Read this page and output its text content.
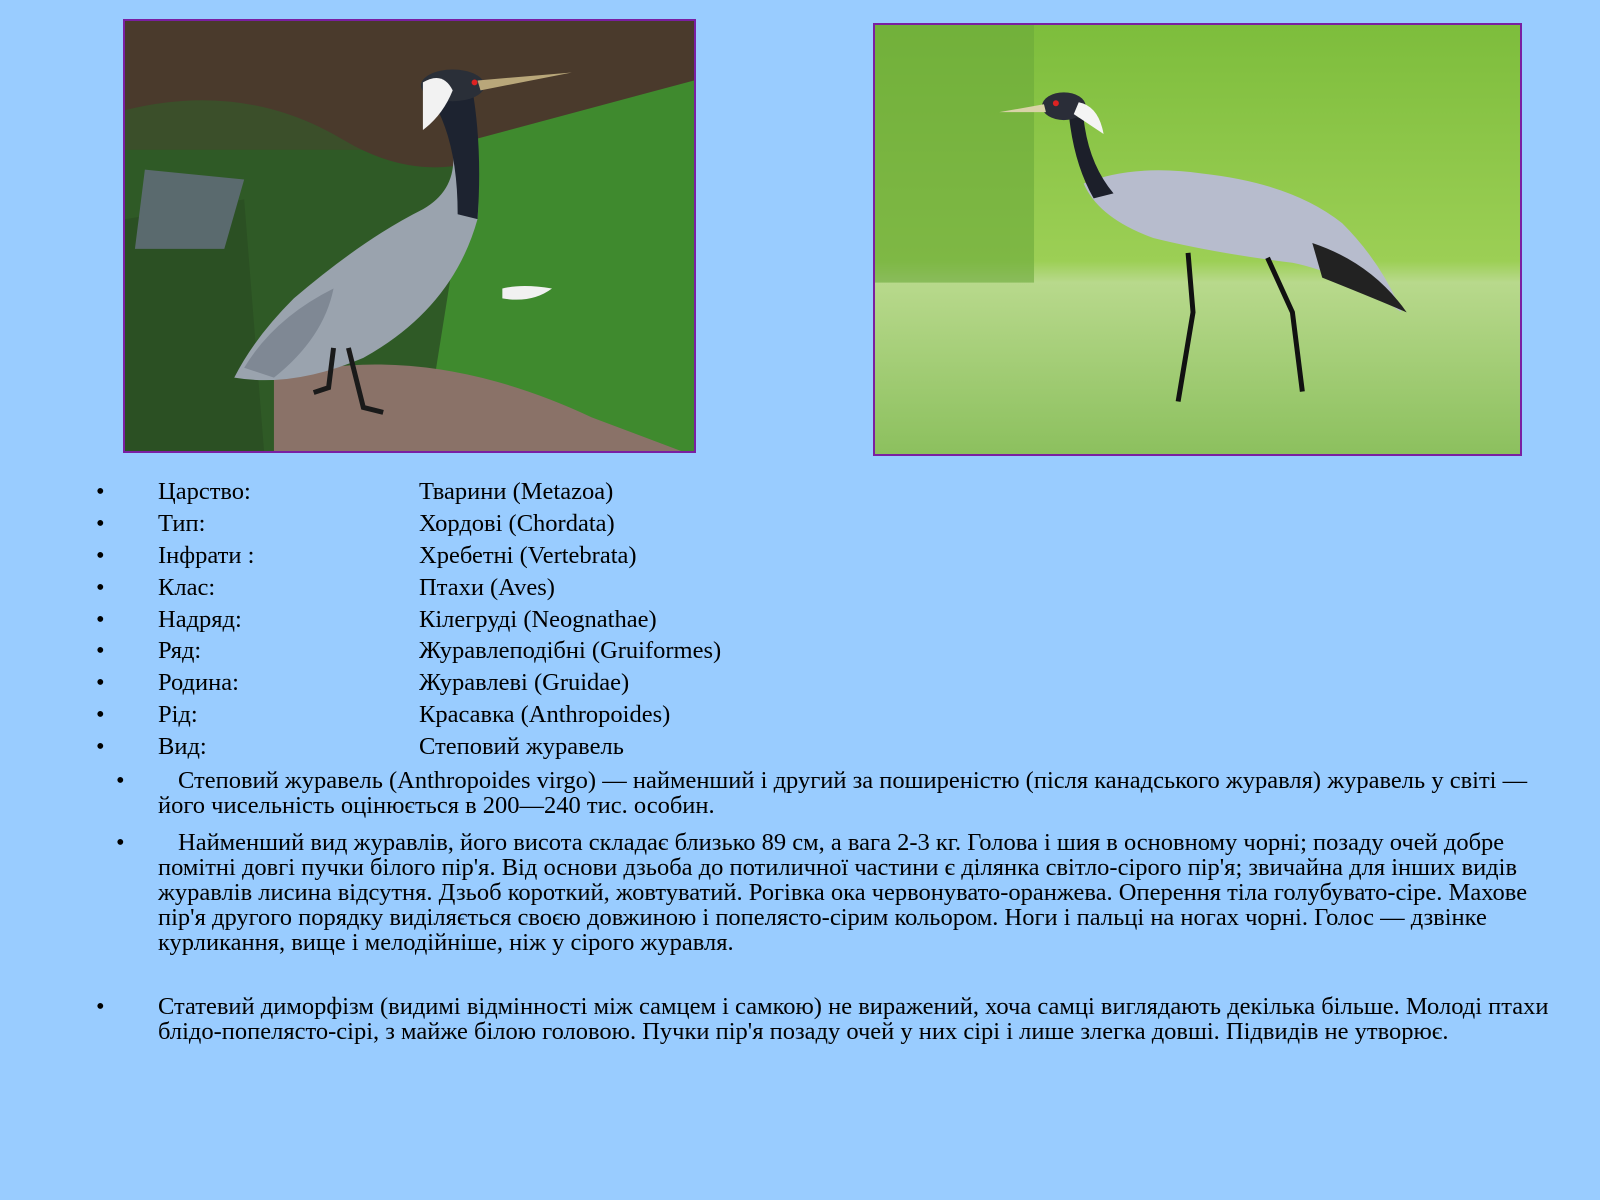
• Царство:	Тварини (Metazoa)
• Тип:	Хордові (Chordata)
• Інфрати :	Хребетні (Vertebrata)
• Клас:	Птахи (Aves)
• Надряд:	Кілегруді (Neognathae)
• Ряд:	Журавлеподібні (Gruiformes)
• Родина:	Журавлеві (Gruidae)
• Рід:	Красавка (Anthropoides)
• Вид:	Степовий журавель
• Степовий журавель (Anthropoides virgo) — найменший і другий за поширеністю (після канадського журавля) журавель у світі — його чисельність оцінюється в 200—240 тис. особин.
• Найменший вид журавлів, його висота складає близько 89 см, а вага 2-3 кг. Голова і шия в основному чорні; позаду очей добре помітні довгі пучки білого пір'я. Від оснoви дзьоба до потиличної частини є ділянка світло-сірого пір'я; звичайна для інших видів журавлів лисина відсутня. Дзьоб короткий, жовтуватий. Рогівка ока червонувато-оранжева. Оперення тіла голубувато-сіре. Махове пір'я другого порядку виділяється своєю довжиною і попелясто-сірим кольором. Ноги і пальці на ногах чорні. Голос — дзвінке курликання, вище і мелодійніше, ніж у сірого журавля.
• Статевий диморфізм (видимі відмінності між самцем і самкою) не виражений, хоча самці виглядають декілька більше. Молоді птахи блідо-попелясто-сірі, з майже білою головою. Пучки пір'я позаду очей у них сірі і лише злегка довші. Підвидів не утворює.
